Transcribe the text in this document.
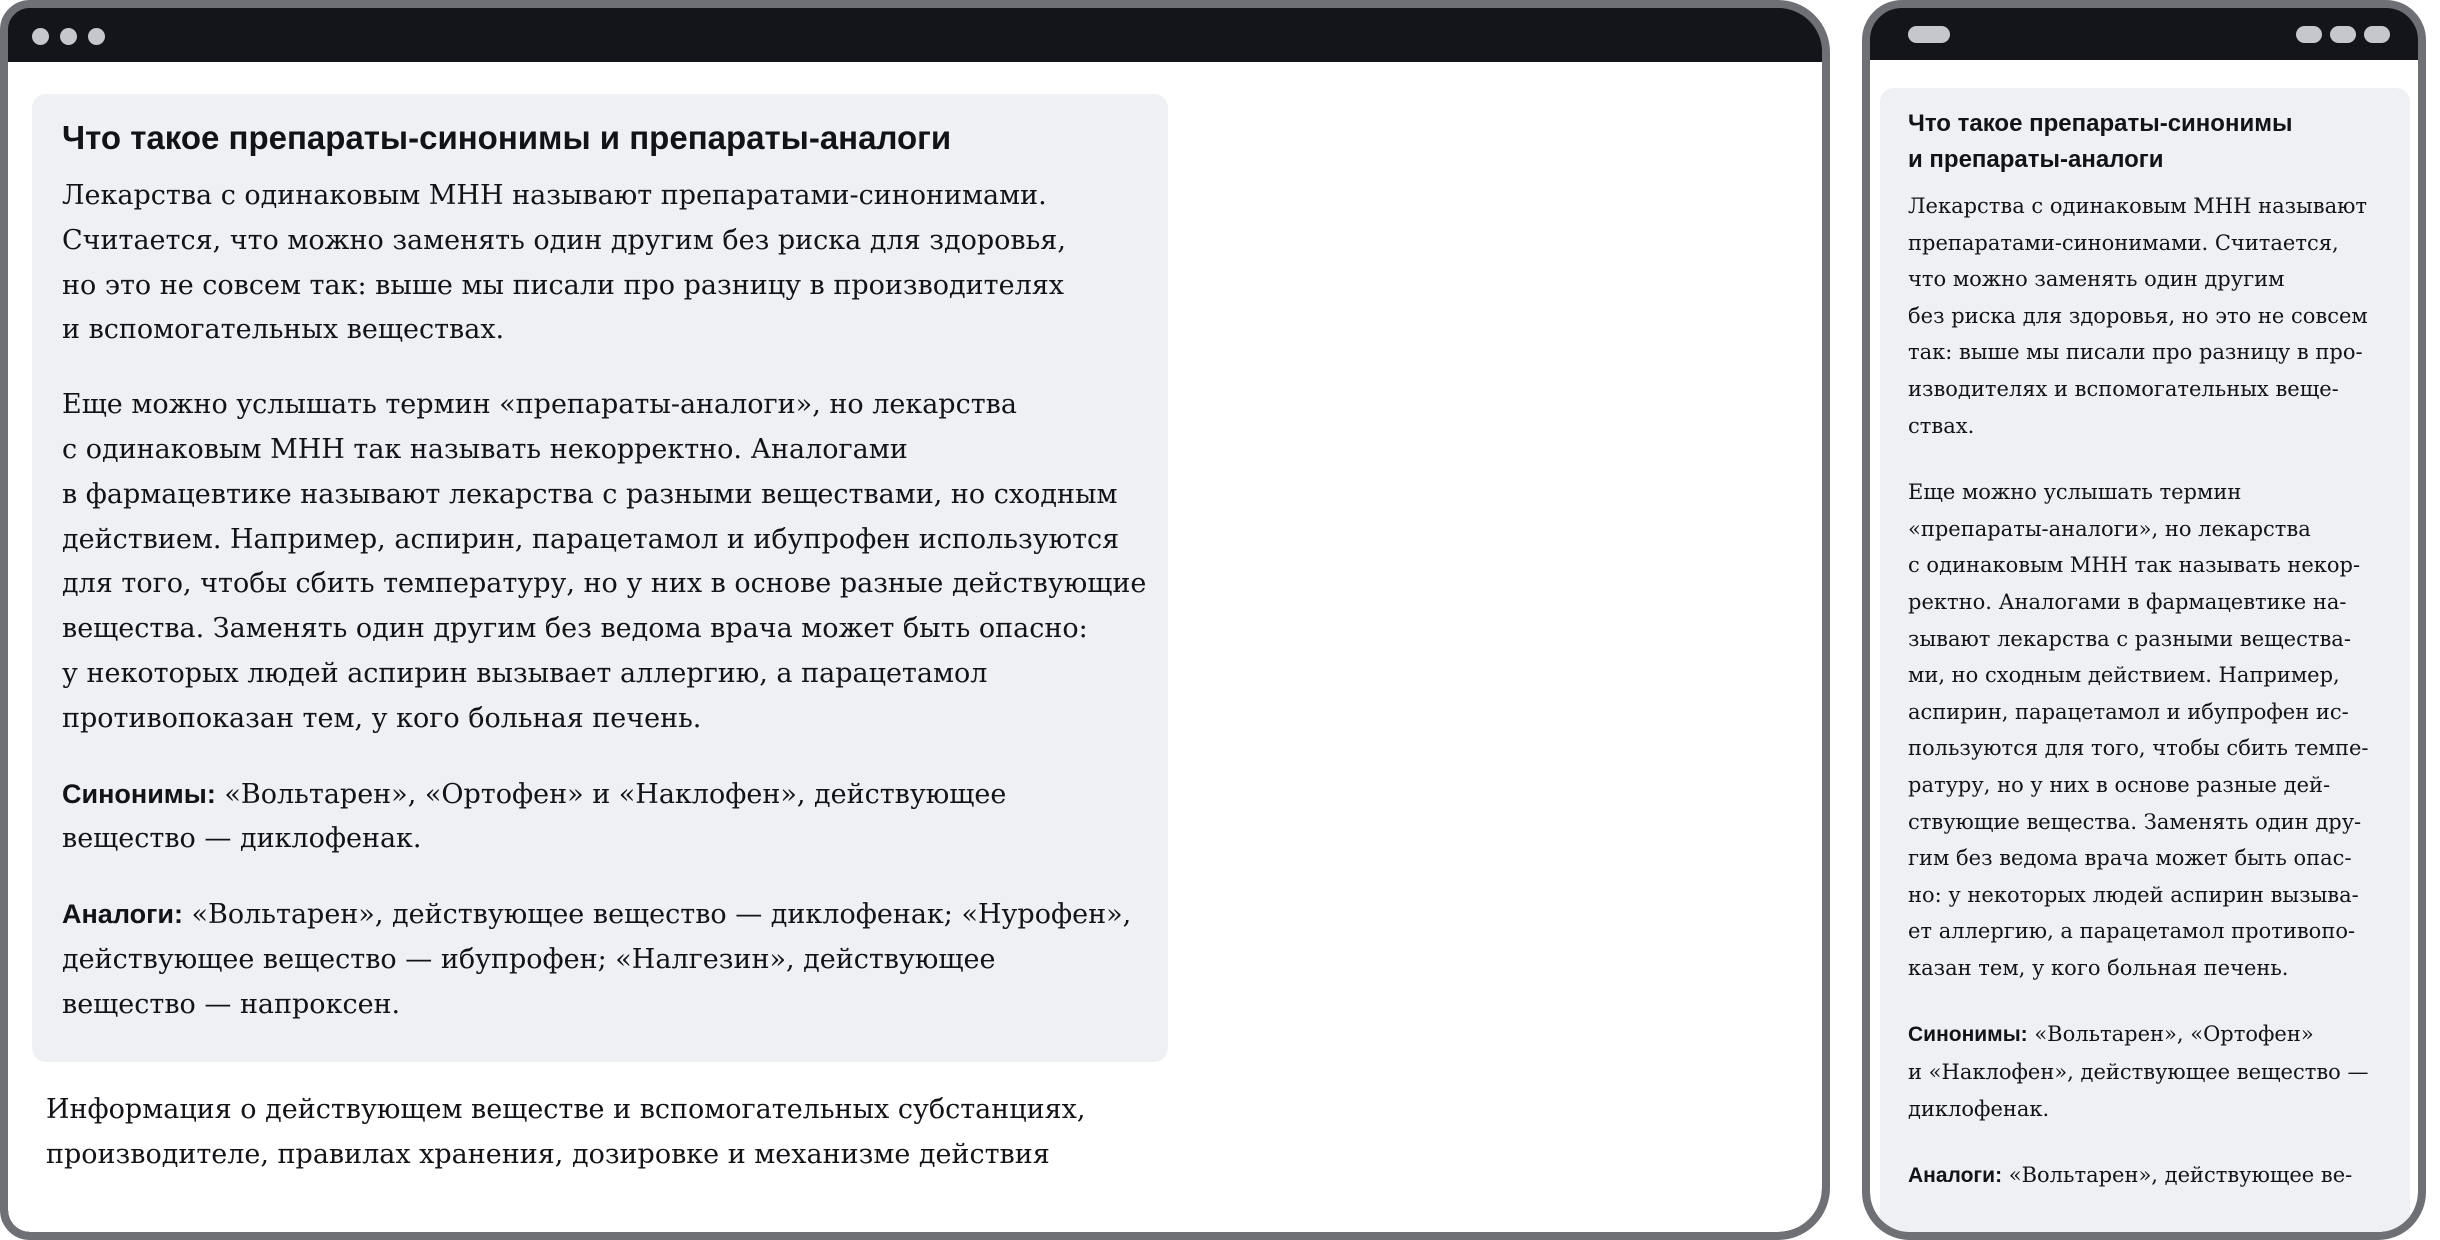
Что такое препараты-синонимы и препараты-аналоги

Лекарства с одинаковым МНН называют препаратами-синонимами.
Считается, что можно заменять один другим без риска для здоровья,
но это не совсем так: выше мы писали про разницу в производителях
и вспомогательных веществах.

Еще можно услышать термин «препараты-аналоги», но лекарства
с одинаковым МНН так называть некорректно. Аналогами
в фармацевтике называют лекарства с разными веществами, но сходным
действием. Например, аспирин, парацетамол и ибупрофен используются
для того, чтобы сбить температуру, но у них в основе разные действующие
вещества. Заменять один другим без ведома врача может быть опасно:
у некоторых людей аспирин вызывает аллергию, а парацетамол
противопоказан тем, у кого больная печень.

Синонимы: «Вольтарен», «Ортофен» и «Наклофен», действующее
вещество — диклофенак.

Аналоги: «Вольтарен», действующее вещество — диклофенак; «Нурофен»,
действующее вещество — ибупрофен; «Налгезин», действующее
вещество — напроксен.

Информация о действующем веществе и вспомогательных субстанциях,
производителе, правилах хранения, дозировке и механизме действия
Что такое препараты-синонимы
и препараты-аналоги

Лекарства с одинаковым МНН называют
препаратами-синонимами. Считается,
что можно заменять один другим
без риска для здоровья, но это не совсем
так: выше мы писали про разницу в про-
изводителях и вспомогательных веще-
ствах.

Еще можно услышать термин
«препараты-аналоги», но лекарства
с одинаковым МНН так называть некор-
ректно. Аналогами в фармацевтике на-
зывают лекарства с разными вещества-
ми, но сходным действием. Например,
аспирин, парацетамол и ибупрофен ис-
пользуются для того, чтобы сбить темпе-
ратуру, но у них в основе разные дей-
ствующие вещества. Заменять один дру-
гим без ведома врача может быть опас-
но: у некоторых людей аспирин вызыва-
ет аллергию, а парацетамол противопо-
казан тем, у кого больная печень.

Синонимы: «Вольтарен», «Ортофен»
и «Наклофен», действующее вещество —
диклофенак.

Аналоги: «Вольтарен», действующее ве-
